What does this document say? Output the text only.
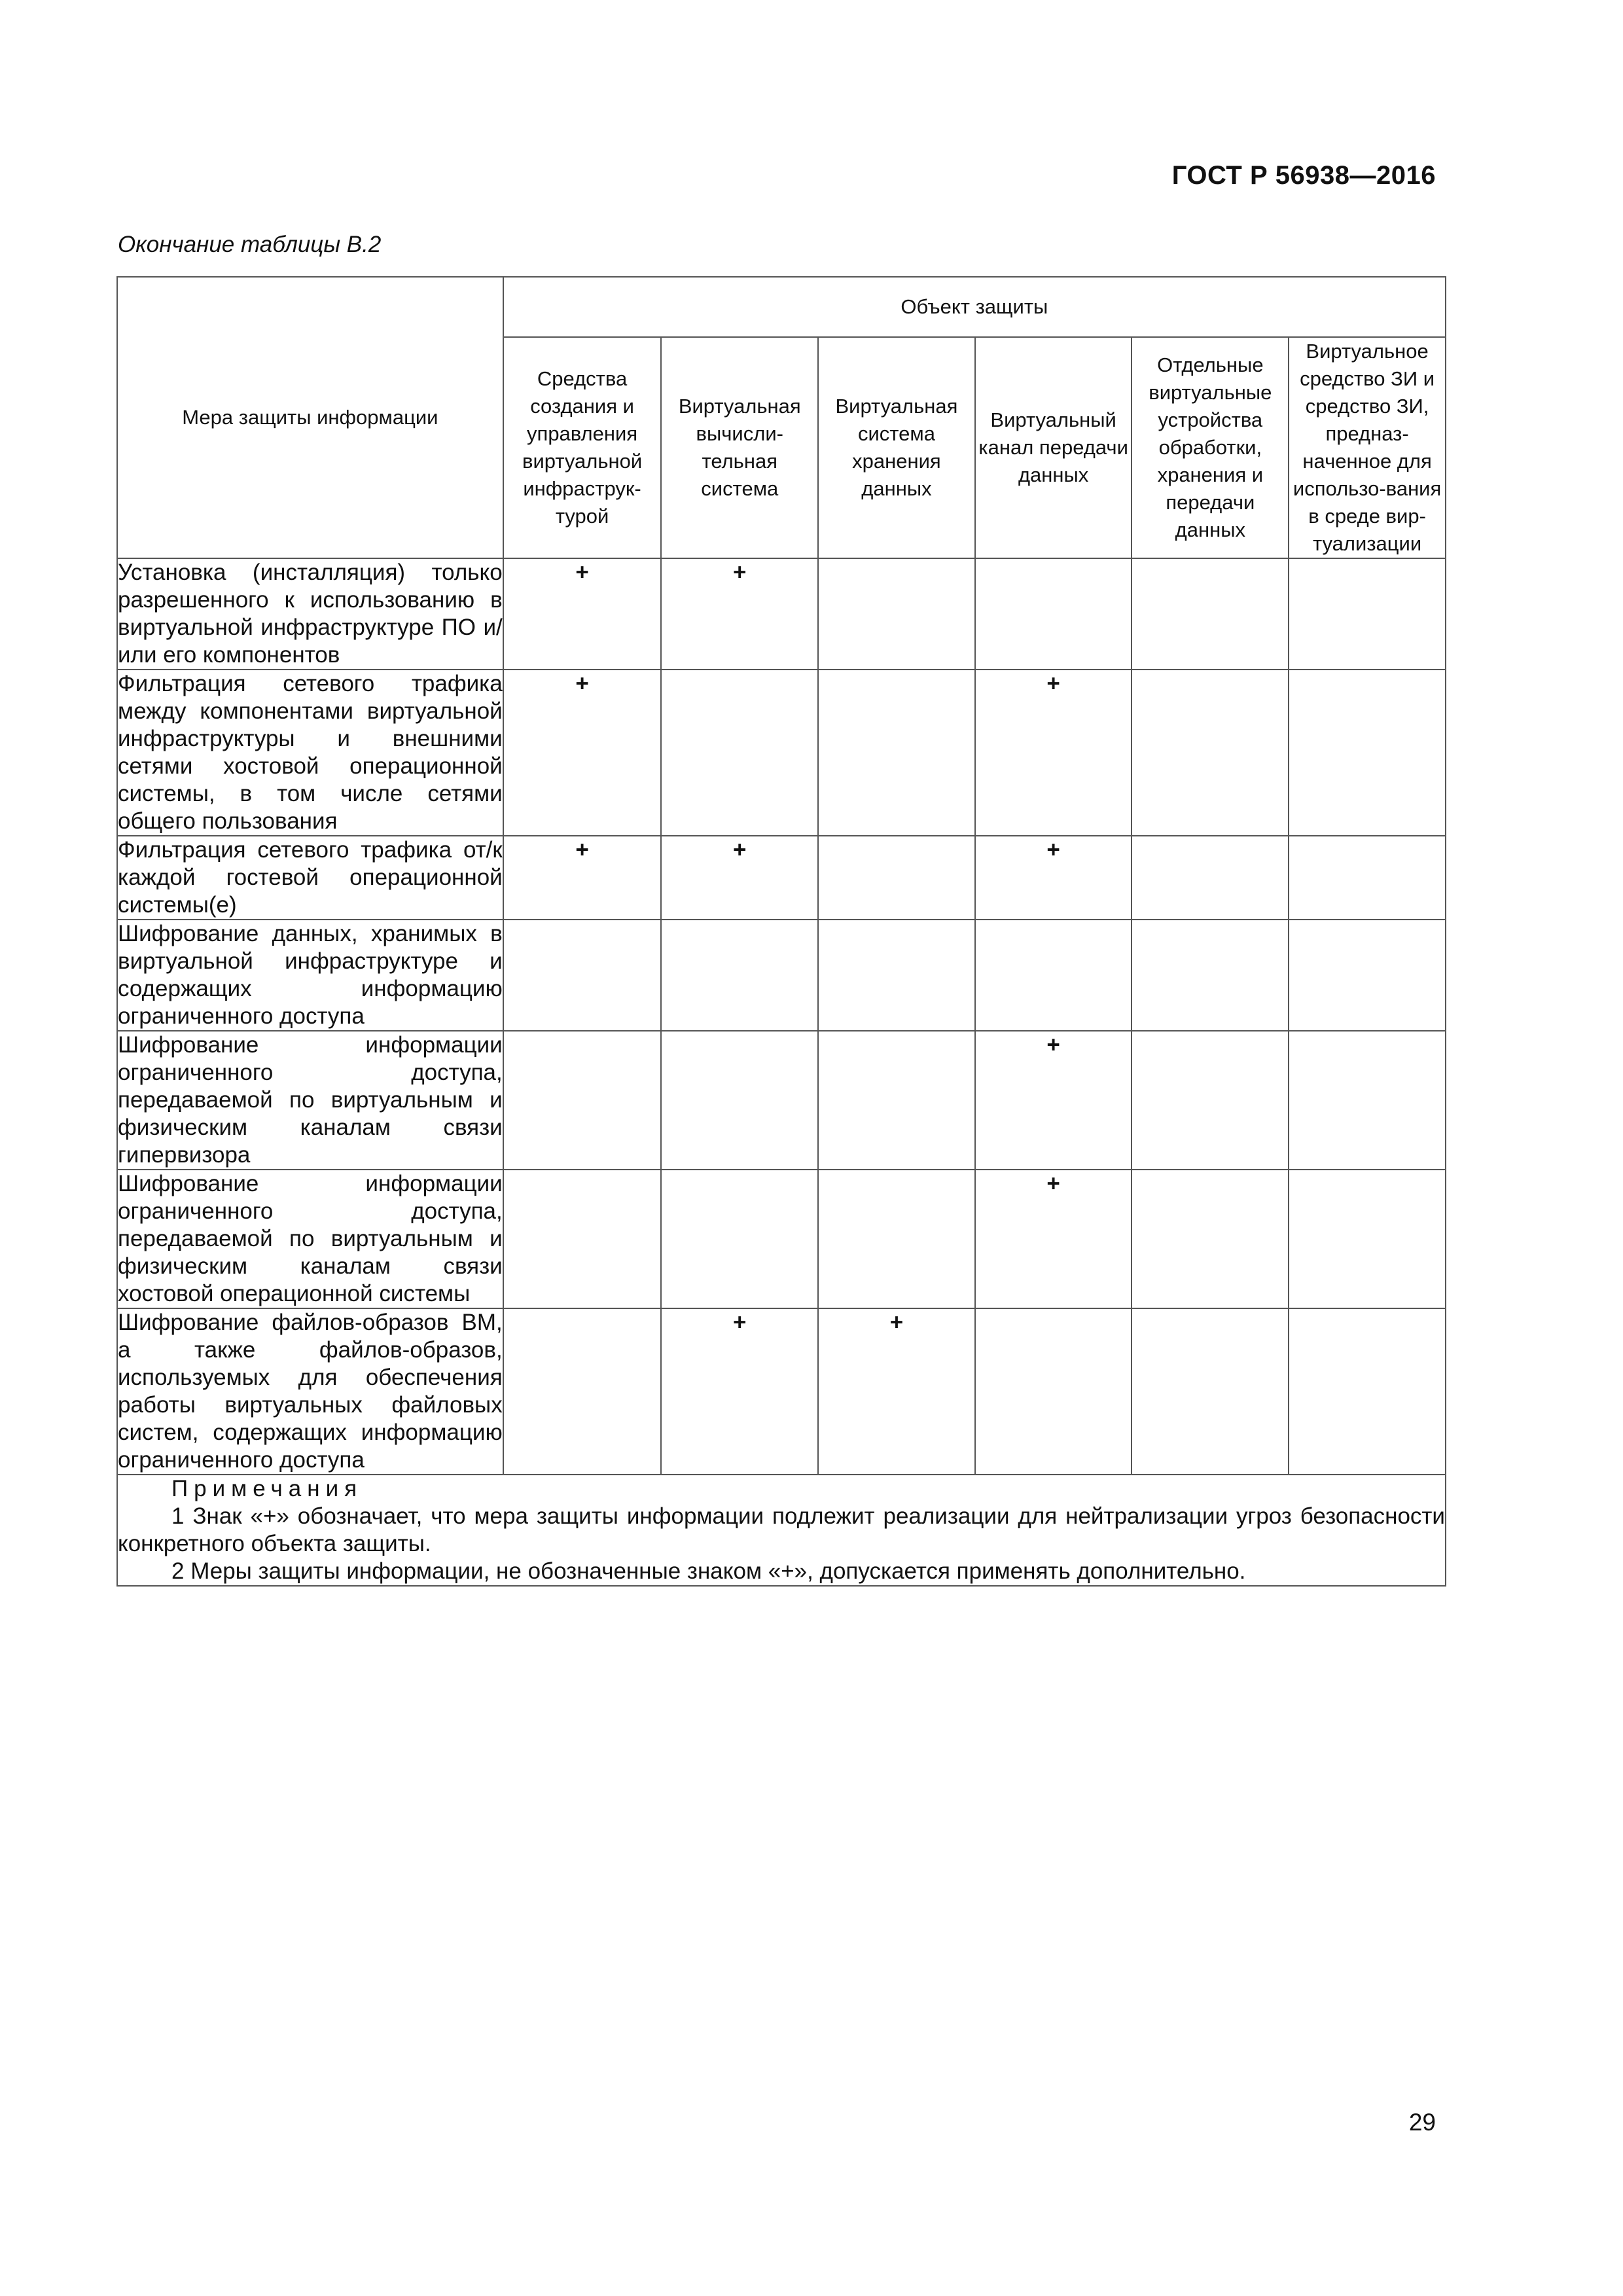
ГОСТ Р 56938—2016
Окончание таблицы В.2
Мера защиты информации	Объект защиты					
	Средства создания и управления виртуальной инфраструк-турой	Виртуальная вычисли-тельная система	Виртуальная система хранения данных	Виртуальный канал передачи данных	Отдельные виртуальные устройства обработки, хранения и передачи данных	Виртуальное средство ЗИ и средство ЗИ, предназ-наченное для использо-вания в среде вир-туализации
Установка (инсталляция) только разрешенного к использованию в виртуальной инфраструктуре ПО и/или его компонентов	+	+				
Фильтрация сетевого трафика между компонентами виртуальной инфраструктуры и внешними сетями хостовой операционной системы, в том числе сетями общего пользования	+			+		
Фильтрация сетевого трафика от/к каждой гостевой операционной системы(е)	+	+		+		
Шифрование данных, хранимых в виртуальной инфраструктуре и содержащих информацию ограниченного доступа						
Шифрование информации ограниченного доступа, передаваемой по виртуальным и физическим каналам связи гипервизора				+		
Шифрование информации ограниченного доступа, передаваемой по виртуальным и физическим каналам связи хостовой операционной системы				+		
Шифрование файлов-образов ВМ, а также файлов-образов, используемых для обеспечения работы виртуальных файловых систем, содержащих информацию ограниченного доступа		+	+			

Примечания
1 Знак «+» обозначает, что мера защиты информации подлежит реализации для нейтрализации угроз безопасности конкретного объекта защиты.
2 Меры защиты информации, не обозначенные знаком «+», допускается применять дополнительно.						
29
